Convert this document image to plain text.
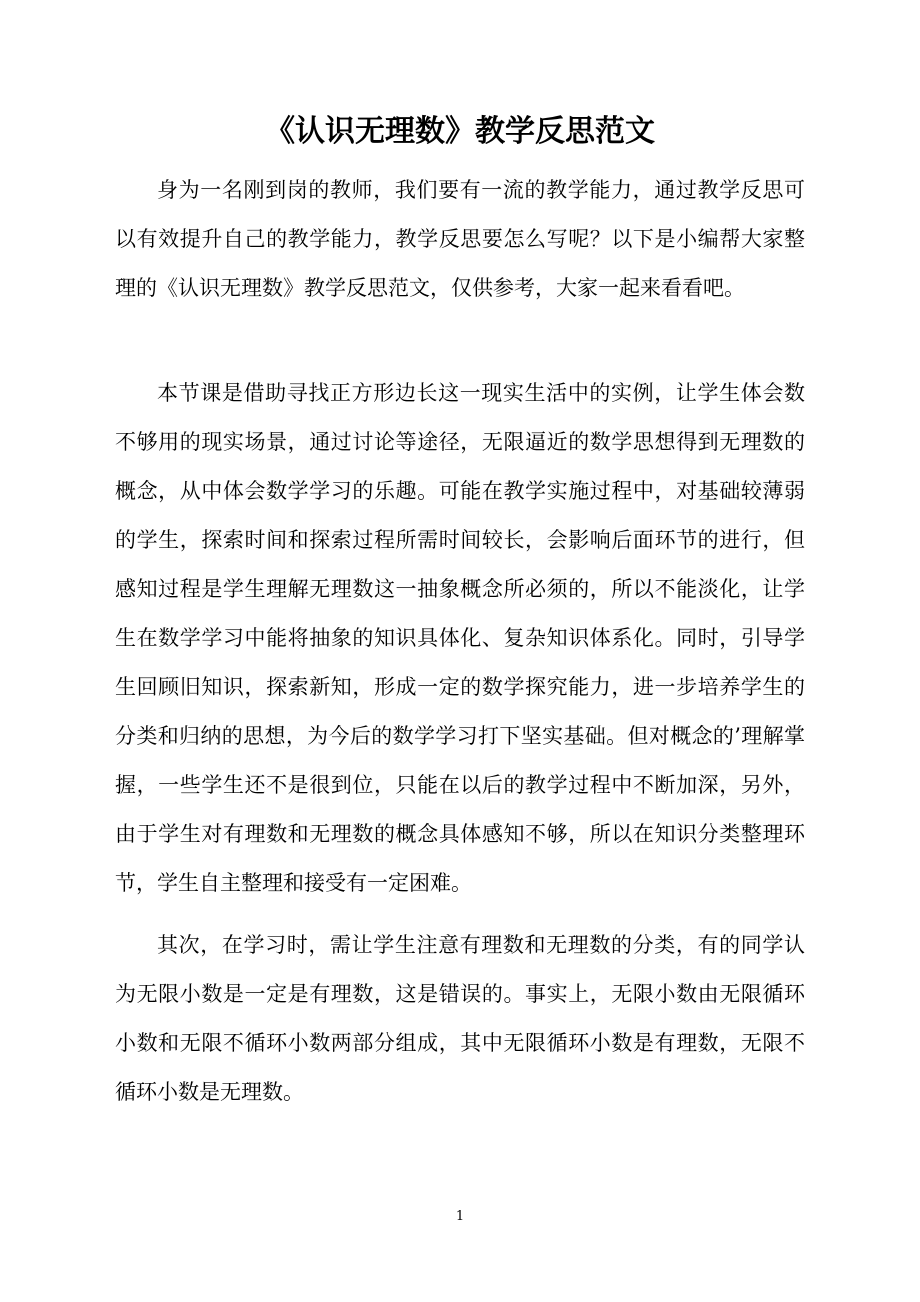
《认识无理数》教学反思范文

身为一名刚到岗的教师，我们要有一流的教学能力，通过教学反思可以有效提升自己的教学能力，教学反思要怎么写呢？以下是小编帮大家整理的《认识无理数》教学反思范文，仅供参考，大家一起来看看吧。

本节课是借助寻找正方形边长这一现实生活中的实例，让学生体会数不够用的现实场景，通过讨论等途径，无限逼近的数学思想得到无理数的概念，从中体会数学学习的乐趣。可能在教学实施过程中，对基础较薄弱的学生，探索时间和探索过程所需时间较长，会影响后面环节的进行，但感知过程是学生理解无理数这一抽象概念所必须的，所以不能淡化，让学生在数学学习中能将抽象的知识具体化、复杂知识体系化。同时，引导学生回顾旧知识，探索新知，形成一定的数学探究能力，进一步培养学生的分类和归纳的思想，为今后的数学学习打下坚实基础。但对概念的’理解掌握，一些学生还不是很到位，只能在以后的教学过程中不断加深，另外，由于学生对有理数和无理数的概念具体感知不够，所以在知识分类整理环节，学生自主整理和接受有一定困难。

其次，在学习时，需让学生注意有理数和无理数的分类，有的同学认为无限小数是一定是有理数，这是错误的。事实上，无限小数由无限循环小数和无限不循环小数两部分组成，其中无限循环小数是有理数，无限不循环小数是无理数。

1
